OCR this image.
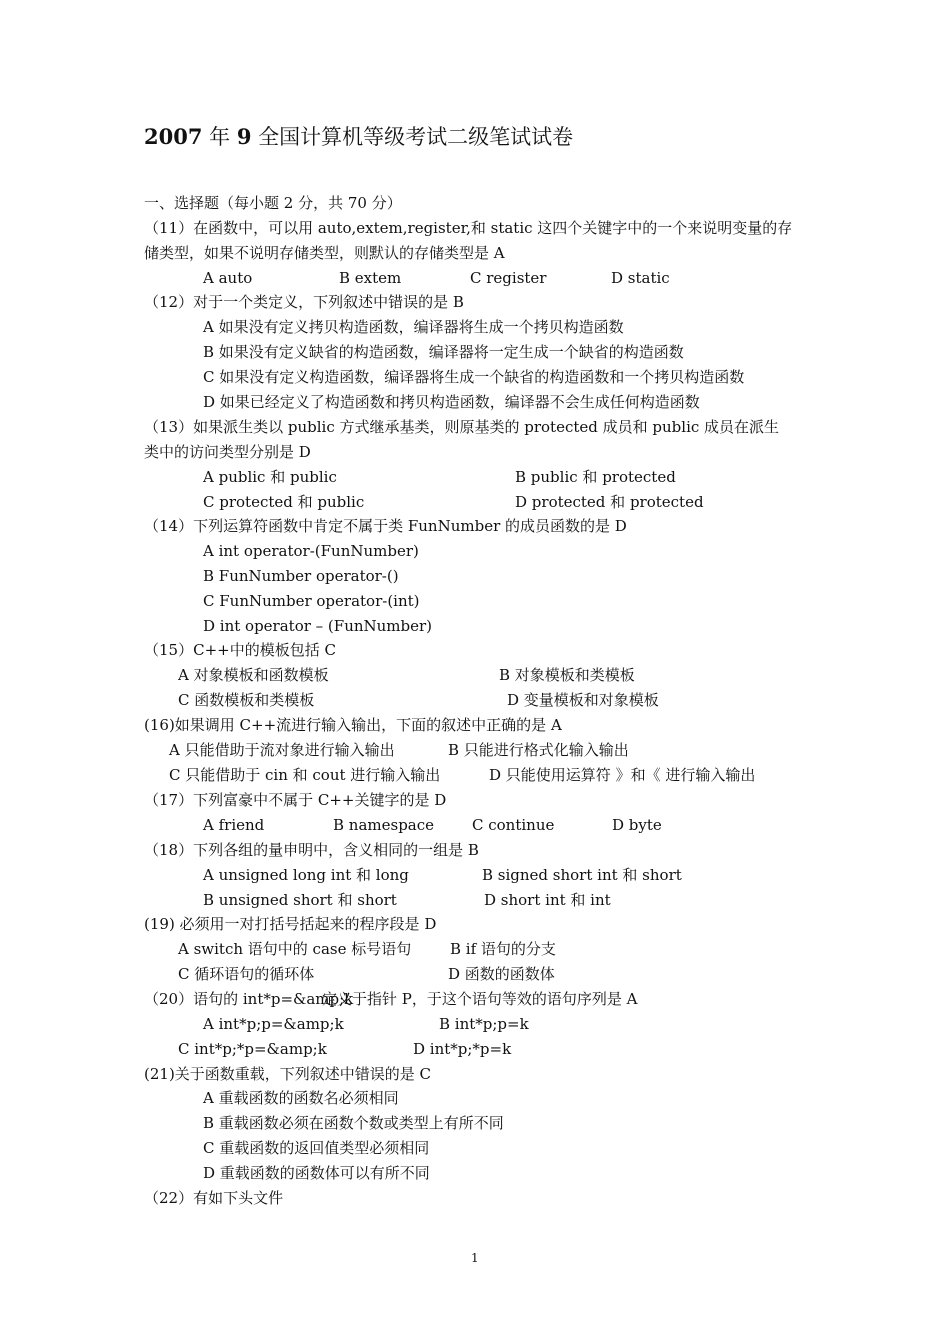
2007 年 9 全国计算机等级考试二级笔试试卷
一、选择题（每小题 2 分，共 70 分）
（11）在函数中，可以用 auto,extem,register,和 static 这四个关键字中的一个来说明变量的存
储类型，如果不说明存储类型，则默认的存储类型是 A
A auto	B extem	C register	D static
（12）对于一个类定义，下列叙述中错误的是 B
A 如果没有定义拷贝构造函数，编译器将生成一个拷贝构造函数
B 如果没有定义缺省的构造函数，编译器将一定生成一个缺省的构造函数
C 如果没有定义构造函数，编译器将生成一个缺省的构造函数和一个拷贝构造函数
D 如果已经定义了构造函数和拷贝构造函数，编译器不会生成任何构造函数
（13）如果派生类以 public 方式继承基类，则原基类的 protected 成员和 public 成员在派生
类中的访问类型分别是 D
A public 和 public	B public 和 protected
C protected 和 public	D protected 和 protected
（14）下列运算符函数中肯定不属于类 FunNumber 的成员函数的是 D
A int operator-(FunNumber)
B FunNumber operator-()
C FunNumber operator-(int)
D int operator – (FunNumber)
（15）C++中的模板包括 C
A 对象模板和函数模板	B 对象模板和类模板
C 函数模板和类模板	D 变量模板和对象模板
(16)如果调用 C++流进行输入输出，下面的叙述中正确的是 A
A 只能借助于流对象进行输入输出	B 只能进行格式化输入输出
C 只能借助于 cin 和 cout 进行输入输出	D 只能使用运算符 》和《 进行输入输出
（17）下列富豪中不属于 C++关键字的是 D
A friend	B namespace	C continue	D byte
（18）下列各组的量申明中，含义相同的一组是 B
A unsigned long int 和 long	B signed short int 和 short
B unsigned short 和 short	D short int 和 int
(19) 必须用一对打括号括起来的程序段是 D
A switch 语句中的 case 标号语句	B if 语句的分支
C 循环语句的循环体	D 函数的函数体
（20）语句的 int*p=&amp;k
定义于指针 P，于这个语句等效的语句序列是 A
A int*p;p=&amp;k	B int*p;p=k
C int*p;*p=&amp;k	D int*p;*p=k
(21)关于函数重载，下列叙述中错误的是 C
A 重载函数的函数名必须相同
B 重载函数必须在函数个数或类型上有所不同
C 重载函数的返回值类型必须相同
D 重载函数的函数体可以有所不同
（22）有如下头文件
1
